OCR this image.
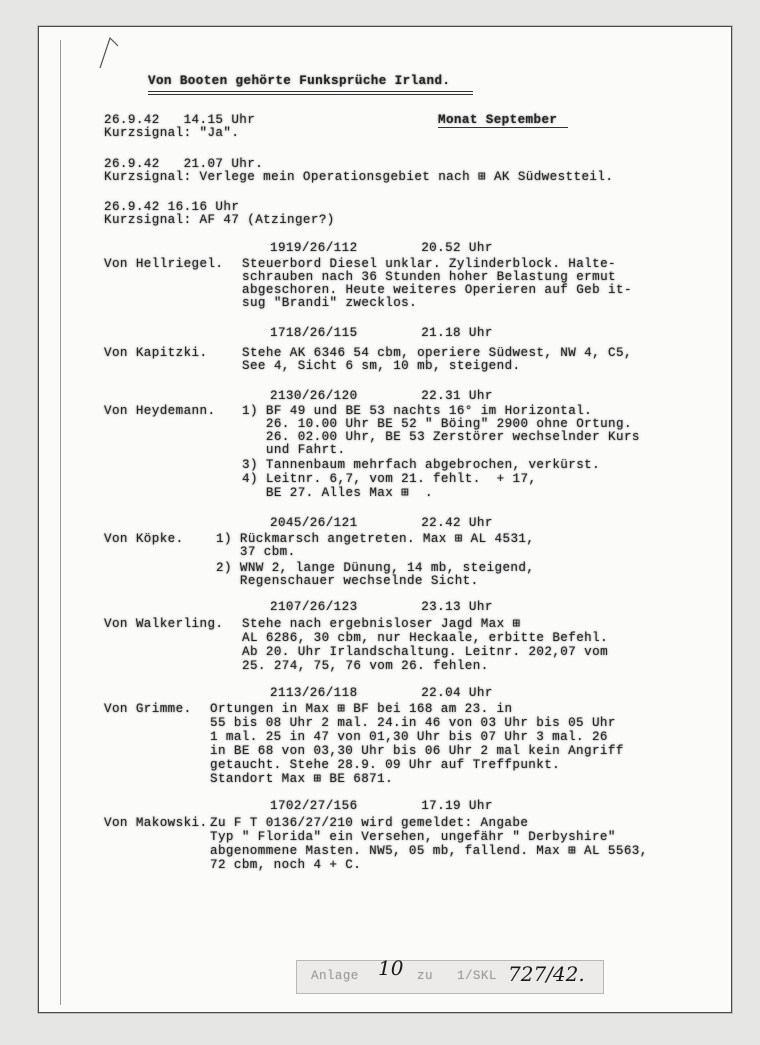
Von Booten gehörte Funksprüche Irland.
26.9.42   14.15 Uhr	Monat September
Kurzsignal: "Ja".
26.9.42   21.07 Uhr.
Kurzsignal: Verlege mein Operationsgebiet nach ⊞ AK Südwestteil.
26.9.42 16.16 Uhr
Kurzsignal: AF 47 (Atzinger?)
1919/26/112        20.52 Uhr
Von Hellriegel. Steuerbord Diesel unklar. Zylinderblock. Halte-
schrauben nach 36 Stunden hoher Belastung ermut
abgeschoren. Heute weiteres Operieren auf Geb it-
sug "Brandi" zwecklos.
1718/26/115        21.18 Uhr
Von Kapitzki.	Stehe AK 6346 54 cbm, operiere Südwest, NW 4, C5,
See 4, Sicht 6 sm, 10 mb, steigend.
2130/26/120        22.31 Uhr
Von Heydemann. 1) BF 49 und BE 53 nachts 16° im Horizontal.
26. 10.00 Uhr BE 52 " Böing" 2900 ohne Ortung.
26. 02.00 Uhr, BE 53 Zerstörer wechselnder Kurs
und Fahrt.
3) Tannenbaum mehrfach abgebrochen, verkürst.
4) Leitnr. 6,7, vom 21. fehlt.  + 17,
BE 27. Alles Max ⊞  .
2045/26/121        22.42 Uhr
Von Köpke.	1) Rückmarsch angetreten. Max ⊞ AL 4531,
37 cbm.
2) WNW 2, lange Dünung, 14 mb, steigend,
Regenschauer wechselnde Sicht.
2107/26/123        23.13 Uhr
Von Walkerling. Stehe nach ergebnisloser Jagd Max ⊞
AL 6286, 30 cbm, nur Heckaale, erbitte Befehl.
Ab 20. Uhr Irlandschaltung. Leitnr. 202,07 vom
25. 274, 75, 76 vom 26. fehlen.
2113/26/118        22.04 Uhr
Von Grimme. Ortungen in Max ⊞ BF bei 168 am 23. in
55 bis 08 Uhr 2 mal. 24.in 46 von 03 Uhr bis 05 Uhr
1 mal. 25 in 47 von 01,30 Uhr bis 07 Uhr 3 mal. 26
in BE 68 von 03,30 Uhr bis 06 Uhr 2 mal kein Angriff
getaucht. Stehe 28.9. 09 Uhr auf Treffpunkt.
Standort Max ⊞ BE 6871.
1702/27/156        17.19 Uhr
Von Makowski. Zu F T 0136/27/210 wird gemeldet: Angabe
Typ " Florida" ein Versehen, ungefähr " Derbyshire"
abgenommene Masten. NW5, 05 mb, fallend. Max ⊞ AL 5563,
72 cbm, noch 4 + C.
Anlage	zu 1/SKL
10	727/42.
